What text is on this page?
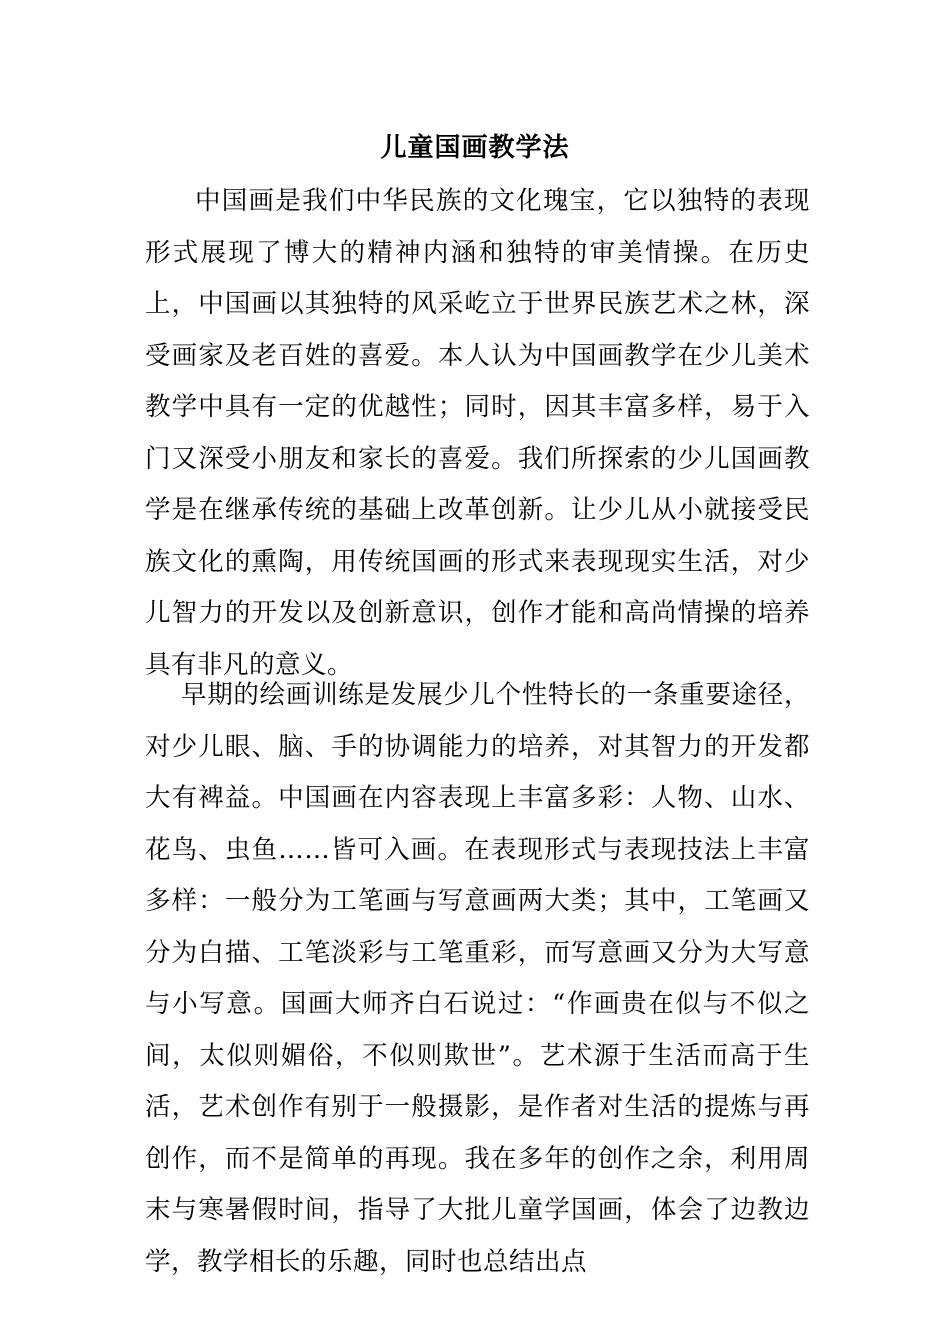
儿童国画教学法

中国画是我们中华民族的文化瑰宝，它以独特的表现形式展现了博大的精神内涵和独特的审美情操。在历史上，中国画以其独特的风采屹立于世界民族艺术之林，深受画家及老百姓的喜爱。本人认为中国画教学在少儿美术教学中具有一定的优越性；同时，因其丰富多样，易于入门又深受小朋友和家长的喜爱。我们所探索的少儿国画教学是在继承传统的基础上改革创新。让少儿从小就接受民族文化的熏陶，用传统国画的形式来表现现实生活，对少儿智力的开发以及创新意识，创作才能和高尚情操的培养具有非凡的意义。

早期的绘画训练是发展少儿个性特长的一条重要途径，对少儿眼、脑、手的协调能力的培养，对其智力的开发都大有裨益。中国画在内容表现上丰富多彩：人物、山水、花鸟、虫鱼……皆可入画。在表现形式与表现技法上丰富多样：一般分为工笔画与写意画两大类；其中，工笔画又分为白描、工笔淡彩与工笔重彩，而写意画又分为大写意与小写意。国画大师齐白石说过：“作画贵在似与不似之间，太似则媚俗，不似则欺世”。艺术源于生活而高于生活，艺术创作有别于一般摄影，是作者对生活的提炼与再创作，而不是简单的再现。我在多年的创作之余，利用周末与寒暑假时间，指导了大批儿童学国画，体会了边教边学，教学相长的乐趣，同时也总结出点
